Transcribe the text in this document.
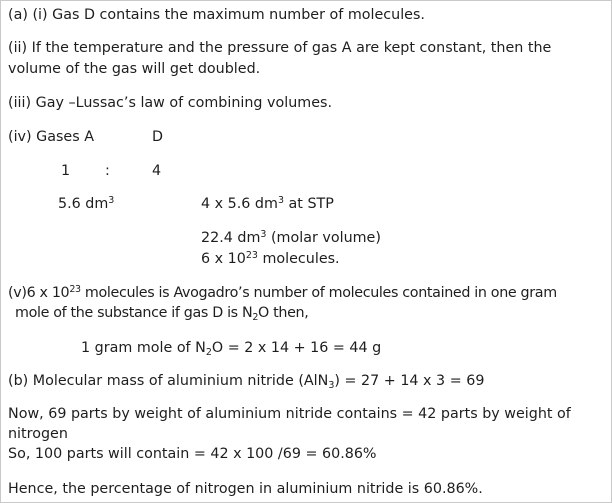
(a) (i) Gas D contains the maximum number of molecules.
(ii) If the temperature and the pressure of gas A are kept constant, then the
volume of the gas will get doubled.
(iii) Gay –Lussac’s law of combining volumes.
(iv) Gases A	D
1 :	4
5.6 $dm^3$	4 x 5.6 $dm^3$ at STP
22.4 $dm^3$ (molar volume)
6 x $10^{23}$ molecules.
(v)6 x $10^{23}$ molecules is Avogadro’s number of molecules contained in one gram
mole of the substance if gas D is $N_2O$ then,
1 gram mole of $N_2O = 2$ x 14 + 16 = 44 g
(b) Molecular mass of aluminium nitride (AlN$_3$) = 27 + 14 x 3 = 69
Now, 69 parts by weight of aluminium nitride contains = 42 parts by weight of
nitrogen
So, 100 parts will contain = 42 x 100 /69 = 60.86%
Hence, the percentage of nitrogen in aluminium nitride is 60.86%.
